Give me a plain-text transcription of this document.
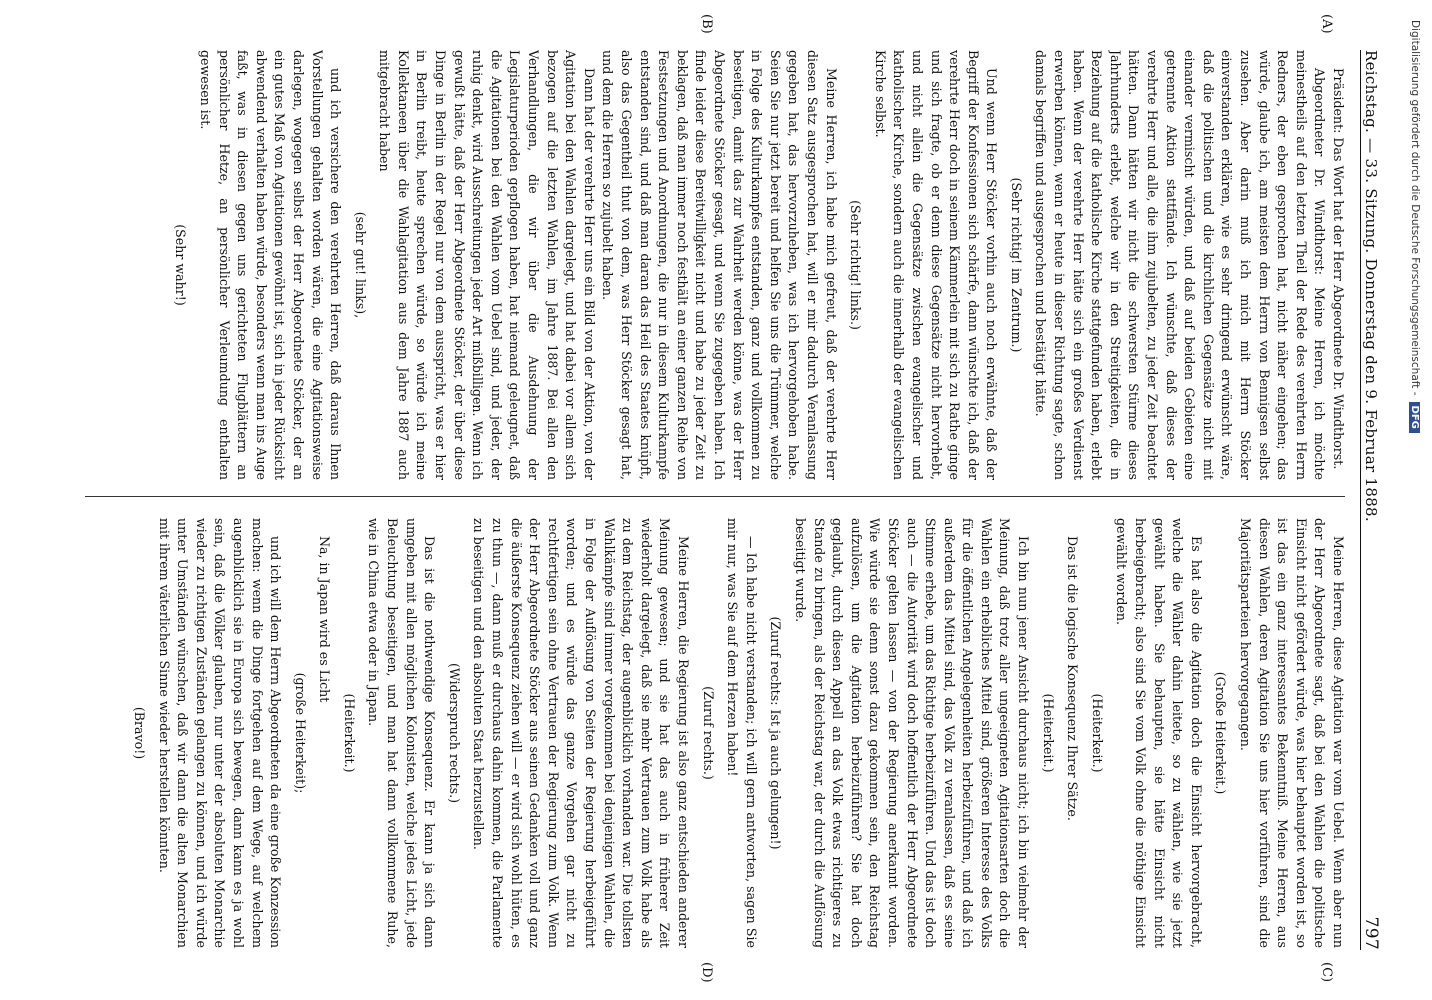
Reichstag. — 33. Sitzung. Donnerstag den 9. Februar 1888.
797
(A)
(B)
(C)
(D)

Präsident: Das Wort hat der Herr Abgeordnete Dr. Windthorst.

Abgeordneter Dr. Windthorst: Meine Herren, ich möchte meinestheils auf den letzten Theil der Rede des verehrten Herrn Redners, der eben gesprochen hat, nicht näher eingehen; das würde, glaube ich, am meisten dem Herrn von Bennigsen selbst zusehen. Aber darin muß ich mich mit Herrn Stöcker einverstanden erklären, wie es sehr dringend erwünscht wäre, daß die politischen und die kirchlichen Gegensätze nicht mit einander vermischt würden, und daß auf beiden Gebieten eine getrennte Aktion stattfände. Ich wünschte, daß dieses der verehrte Herr und alle, die ihm zujubelten, zu jeder Zeit beachtet hätten. Dann hätten wir nicht die schwersten Stürme dieses Jahrhunderts erlebt, welche wir in den Streitigkeiten, die in Beziehung auf die katholische Kirche stattgefunden haben, erlebt haben. Wenn der verehrte Herr hätte sich ein großes Verdienst erwerben können, wenn er heute in dieser Richtung sagte, schon damals begriffen und ausgesprochen und bestätigt hätte.

(Sehr richtig! im Zentrum.)

Und wenn Herr Stöcker vorhin auch noch erwähnte, daß der Begriff der Konfessionen sich schärfe, dann wünschte ich, daß der verehrte Herr doch in seinem Kämmerlein mit sich zu Rathe ginge und sich fragte, ob er denn diese Gegensätze nicht hervorhebt, und nicht allein die Gegensätze zwischen evangelischer und katholischer Kirche, sondern auch die innerhalb der evangelischen Kirche selbst.

(Sehr richtig! links.)

Meine Herren, ich habe mich gefreut, daß der verehrte Herr diesen Satz ausgesprochen hat, will er mir dadurch Veranlassung gegeben hat, das hervorzuheben, was ich hervorgehoben habe. Seien Sie nur jetzt bereit und helfen Sie uns die Trümmer, welche in Folge des Kulturkampfes entstanden, ganz und vollkommen zu beseitigen, damit das zur Wahrheit werden könne, was der Herr Abgeordnete Stöcker gesagt, und wenn Sie zugegeben haben. Ich finde leider diese Bereitwilligkeit nicht und habe zu jeder Zeit zu beklagen, daß man immer noch festhält an einer ganzen Reihe von Festsetzungen und Anordnungen, die nur in diesem Kulturkampfe entstanden sind, und daß man daran das Heil des Staates knüpft, also das Gegentheil thut von dem, was Herr Stöcker gesagt hat, und dem die Herren so zujubelt haben.

Dann hat der verehrte Herr uns ein Bild von der Aktion, von der Agitation bei den Wahlen dargelegt, und hat dabei vor allem sich bezogen auf die letzten Wahlen, im Jahre 1887. Bei allen den Verhandlungen, die wir über die Ausdehnung der Legislaturperioden gepflogen haben, hat niemand geleugnet, daß die Agitationen bei den Wahlen vom Uebel sind, und jeder, der ruhig denkt, wird Ausschreitungen jeder Art mißbilligen. Wenn ich gewußt hätte, daß der Herr Abgeordnete Stöcker, der über diese Dinge in Berlin in der Regel nur von dem ausspricht, was er hier in Berlin treibt, heute sprechen würde, so würde ich meine Kollektaneen über die Wahlagitation aus dem Jahre 1887 auch mitgebracht haben

(sehr gut! links),

und ich versichere den verehrten Herren, daß daraus Ihnen Vorstellungen gehalten worden wären, die eine Agitationsweise darlegen, wogegen selbst der Herr Abgeordnete Stöcker, der an ein gutes Maß von Agitationen gewöhnt ist, sich in jeder Rücksicht abwendend verhalten haben würde, besonders wenn man ins Auge faßt, was in diesen gegen uns gerichteten Flugblättern an persönlicher Hetze, an persönlicher Verleumdung enthalten gewesen ist.

(Sehr wahr!)

Meine Herren, diese Agitation war vom Uebel. Wenn aber nun der Herr Abgeordnete sagt, daß bei den Wahlen die politische Einsicht nicht gefördert würde, was hier behauptet worden ist, so ist das ein ganz interessantes Bekenntniß. Meine Herren, aus diesen Wahlen, deren Agitation Sie uns hier vorführen, sind die Majoritätsparteien hervorgegangen.

(Große Heiterkeit.)

Es hat also die Agitation doch die Einsicht hervorgebracht, welche die Wähler dahin leitete, so zu wählen, wie sie jetzt gewählt haben. Sie behaupten, sie hätte Einsicht nicht herbeigebracht; also sind Sie vom Volk ohne die nöthige Einsicht gewählt worden.

(Heiterkeit.)

Das ist die logische Konsequenz Ihrer Sätze.

(Heiterkeit.)

Ich bin nun jener Ansicht durchaus nicht; ich bin vielmehr der Meinung, daß trotz aller ungeeigneten Agitationsarten doch die Wahlen ein erhebliches Mittel sind, größeren Interesse des Volks für die öffentlichen Angelegenheiten herbeizuführen, und daß ich außerdem das Mittel sind, das Volk zu veranlassen, daß es seine Stimme erhebe, um das Richtige herbeizuführen. Und das ist doch auch — die Autorität wird doch hoffentlich der Herr Abgeordnete Stöcker gelten lassen — von der Regierung anerkannt worden. Wie würde sie denn sonst dazu gekommen sein, den Reichstag aufzulösen, um die Agitation herbeizuführen? Sie hat doch geglaubt, durch diesen Appell an das Volk etwas richtigeres zu Stande zu bringen, als der Reichstag war, der durch die Auflösung beseitigt wurde.

(Zuruf rechts: Ist ja auch gelungen!)

— Ich habe nicht verstanden; ich will gern antworten, sagen Sie mir nur, was Sie auf dem Herzen haben!

(Zuruf rechts.)

Meine Herren, die Regierung ist also ganz entschieden anderer Meinung gewesen; und sie hat das auch in früherer Zeit wiederholt dargelegt, daß sie mehr Vertrauen zum Volk habe als zu dem Reichstag, der augenblicklich vorhanden war. Die tollsten Wahlkämpfe sind immer vorgekommen bei denjenigen Wahlen, die in Folge der Auflösung von Seiten der Regierung herbeigeführt worden; und es würde das ganze Vorgehen gar nicht zu rechtfertigen sein ohne Vertrauen der Regierung zum Volk. Wenn der Herr Abgeordnete Stöcker aus seinen Gedanken voll und ganz die äußerste Konsequenz ziehen will — er wird sich wohl hüten, es zu thun —, dann muß er durchaus dahin kommen, die Parlamente zu beseitigen und den absoluten Staat herzustellen.

(Widerspruch rechts.)

Das ist die nothwendige Konsequenz. Er kann ja sich dann umgeben mit allen möglichen Kolonisten, welche jedes Licht, jede Beleuchtung beseitigen, und man hat dann vollkommene Ruhe, wie in China etwa oder in Japan.

(Heiterkeit.)

Na, in Japan wird es Licht

(große Heiterkeit);

und ich will dem Herrn Abgeordneten da eine große Konzession machen: wenn die Dinge fortgehen auf dem Wege, auf welchem augenblicklich sie in Europa sich bewegen, dann kann es ja wohl sein, daß die Völker glauben, nur unter der absoluten Monarchie wieder zu richtigen Zuständen gelangen zu können, und ich würde unter Umständen wünschen, daß wir dann die alten Monarchien mit ihrem väterlichen Sinne wieder herstellen könnten.

(Bravo!)

Digitalisierung gefördert durch die Deutsche Forschungsgemeinschaft -DFG
